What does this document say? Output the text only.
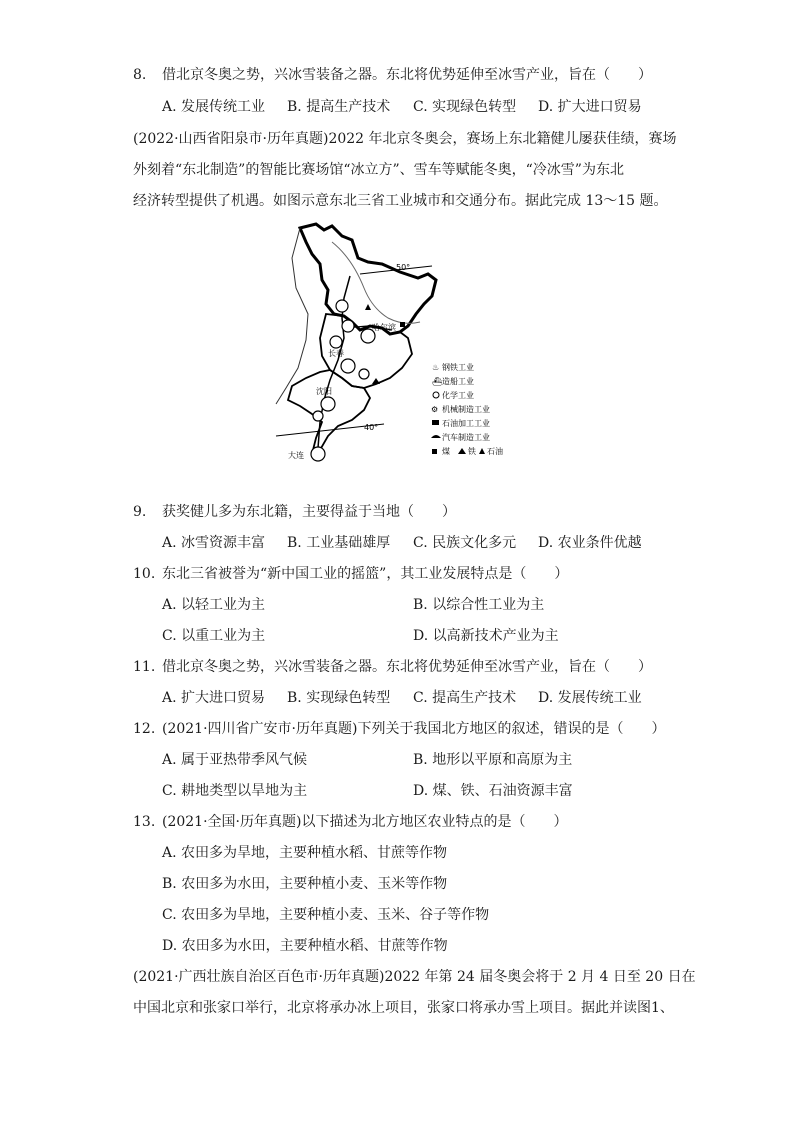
8. 借北京冬奥之势，兴冰雪装备之器。东北将优势延伸至冰雪产业，旨在（　　）
A. 发展传统工业 B. 提高生产技术 C. 实现绿色转型 D. 扩大进口贸易
(2022·山西省阳泉市·历年真题)2022 年北京冬奥会，赛场上东北籍健儿屡获佳绩，赛场
外刻着“东北制造”的智能比赛场馆“冰立方”、雪车等赋能冬奥，“冷冰雪”为东北
经济转型提供了机遇。如图示意东北三省工业城市和交通分布。据此完成 13～15 题。
50°
40°
哈尔滨
长春
沈阳
大连
♨ 钢铁工业
⛴ 造船工业
化学工业
⚙ 机械制造工业
石油加工工业
汽车制造工业
煤 铁 石油
9. 获奖健儿多为东北籍，主要得益于当地（　　）
A. 冰雪资源丰富 B. 工业基础雄厚 C. 民族文化多元 D. 农业条件优越
10. 东北三省被誉为“新中国工业的摇篮”，其工业发展特点是（　　）
A. 以轻工业为主	B. 以综合性工业为主
C. 以重工业为主	D. 以高新技术产业为主
11. 借北京冬奥之势，兴冰雪装备之器。东北将优势延伸至冰雪产业，旨在（　　）
A. 扩大进口贸易 B. 实现绿色转型 C. 提高生产技术 D. 发展传统工业
12. (2021·四川省广安市·历年真题)下列关于我国北方地区的叙述，错误的是（　　）
A. 属于亚热带季风气候	B. 地形以平原和高原为主
C. 耕地类型以旱地为主	D. 煤、铁、石油资源丰富
13. (2021·全国·历年真题)以下描述为北方地区农业特点的是（　　）
A. 农田多为旱地，主要种植水稻、甘蔗等作物
B. 农田多为水田，主要种植小麦、玉米等作物
C. 农田多为旱地，主要种植小麦、玉米、谷子等作物
D. 农田多为水田，主要种植水稻、甘蔗等作物
(2021·广西壮族自治区百色市·历年真题)2022 年第 24 届冬奥会将于 2 月 4 日至 20 日在
中国北京和张家口举行，北京将承办冰上项目，张家口将承办雪上项目。据此并读图1、
